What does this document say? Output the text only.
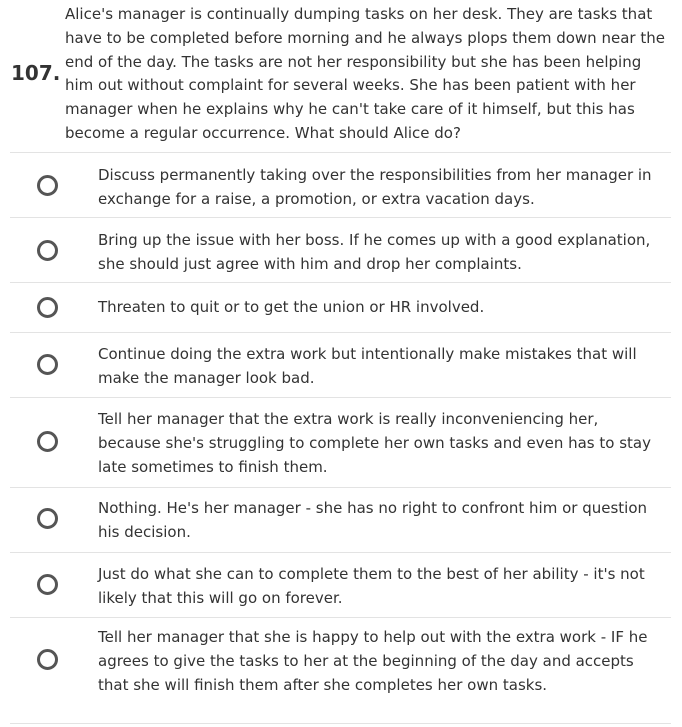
107.
Alice's manager is continually dumping tasks on her desk. They are tasks that have to be completed before morning and he always plops them down near the end of the day. The tasks are not her responsibility but she has been helping him out without complaint for several weeks. She has been patient with her manager when he explains why he can't take care of it himself, but this has become a regular occurrence. What should Alice do?
Discuss permanently taking over the responsibilities from her manager in exchange for a raise, a promotion, or extra vacation days.
Bring up the issue with her boss. If he comes up with a good explanation, she should just agree with him and drop her complaints.
Threaten to quit or to get the union or HR involved.
Continue doing the extra work but intentionally make mistakes that will make the manager look bad.
Tell her manager that the extra work is really inconveniencing her, because she's struggling to complete her own tasks and even has to stay late sometimes to finish them.
Nothing. He's her manager - she has no right to confront him or question his decision.
Just do what she can to complete them to the best of her ability - it's not likely that this will go on forever.
Tell her manager that she is happy to help out with the extra work - IF he agrees to give the tasks to her at the beginning of the day and accepts that she will finish them after she completes her own tasks.
